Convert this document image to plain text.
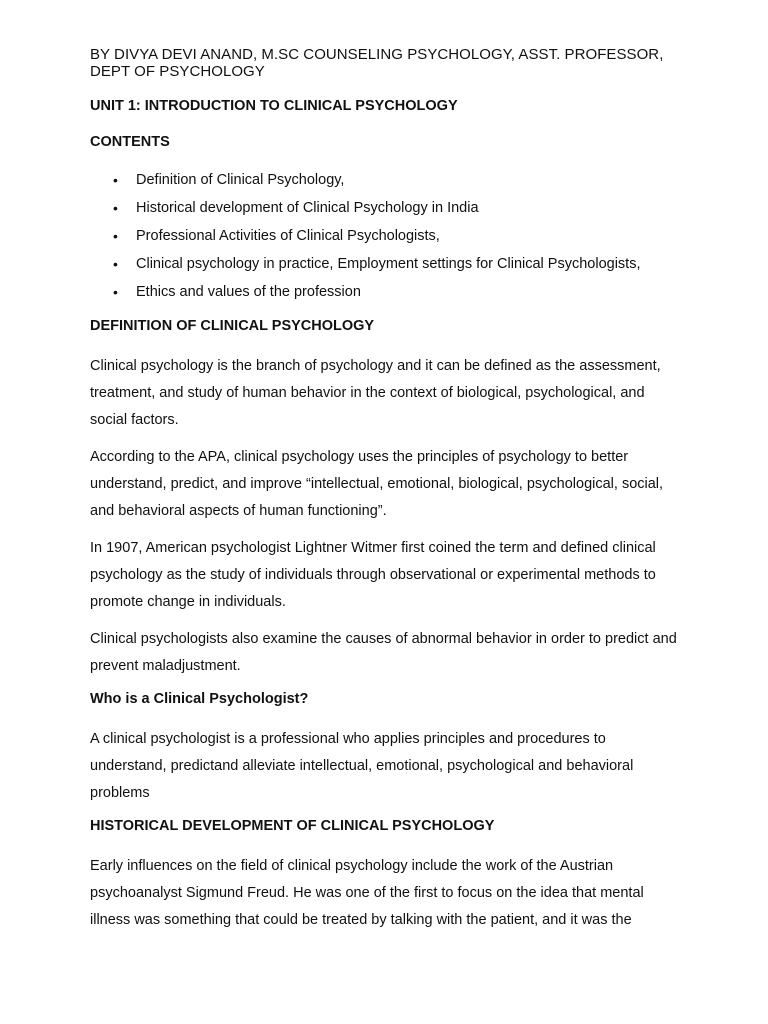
BY DIVYA DEVI ANAND, M.SC COUNSELING PSYCHOLOGY, ASST. PROFESSOR, DEPT OF PSYCHOLOGY
UNIT 1: INTRODUCTION TO CLINICAL PSYCHOLOGY
CONTENTS
• Definition of Clinical Psychology,
• Historical development of Clinical Psychology in India
• Professional Activities of Clinical Psychologists,
• Clinical psychology in practice, Employment settings for Clinical Psychologists,
• Ethics and values of the profession
DEFINITION OF CLINICAL PSYCHOLOGY

Clinical psychology is the branch of psychology and it can be defined as the assessment, treatment, and study of human behavior in the context of biological, psychological, and social factors.

According to the APA, clinical psychology uses the principles of psychology to better understand, predict, and improve “intellectual, emotional, biological, psychological, social, and behavioral aspects of human functioning”.

In 1907, American psychologist Lightner Witmer first coined the term and defined clinical psychology as the study of individuals through observational or experimental methods to promote change in individuals.

Clinical psychologists also examine the causes of abnormal behavior in order to predict and prevent maladjustment.

Who is a Clinical Psychologist?

A clinical psychologist is a professional who applies principles and procedures to understand, predictand alleviate intellectual, emotional, psychological and behavioral problems

HISTORICAL DEVELOPMENT OF CLINICAL PSYCHOLOGY

Early influences on the field of clinical psychology include the work of the Austrian psychoanalyst Sigmund Freud. He was one of the first to focus on the idea that mental illness was something that could be treated by talking with the patient, and it was the
